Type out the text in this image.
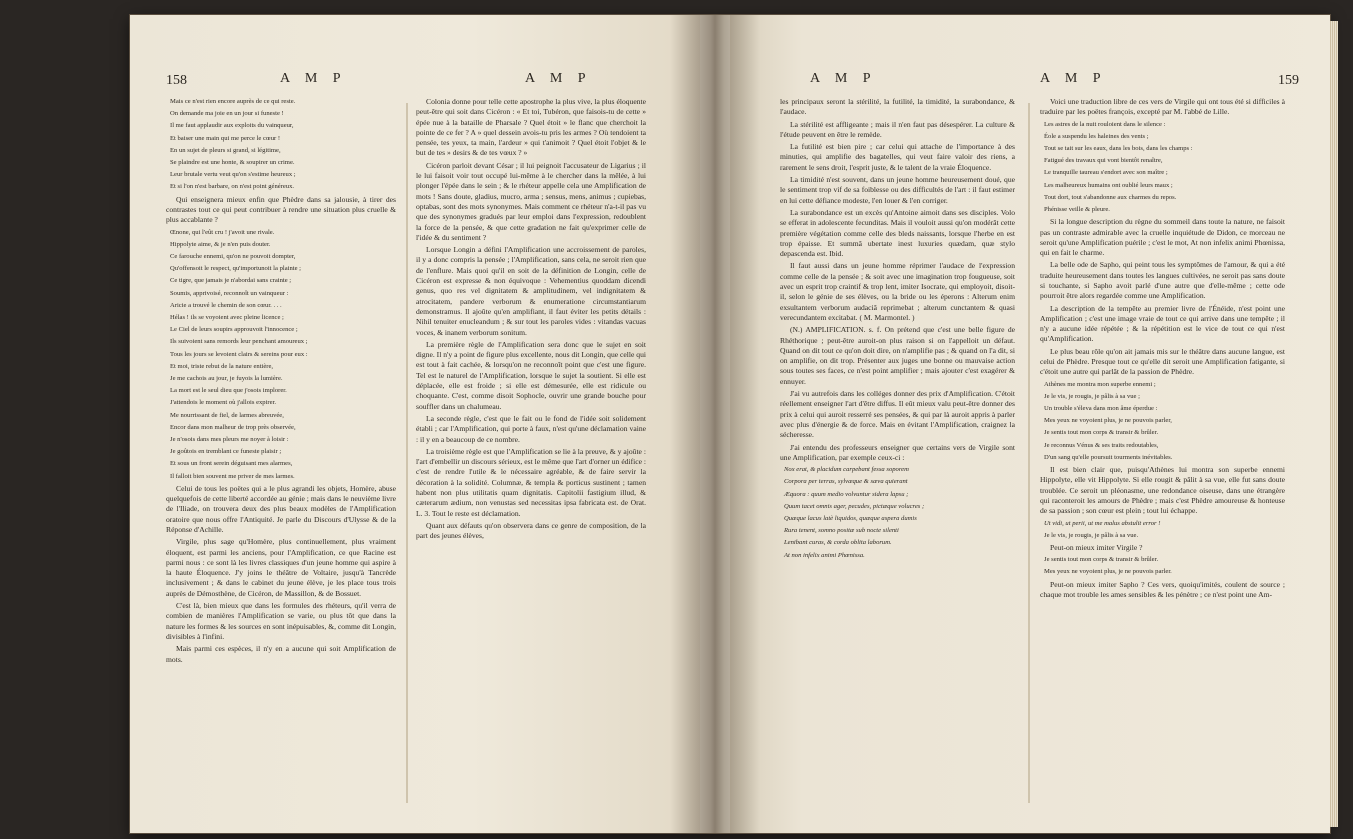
158	A M P	A M P

Mais ce n'est rien encore auprès de ce qui reste.

On demande ma joie en un jour si funeste !

Il me faut applaudir aux exploits du vainqueur,

Et baiser une main qui me perce le cœur !

En un sujet de pleurs si grand, si légitime,

Se plaindre est une honte, & soupirer un crime.

Leur brutale vertu veut qu'on s'estime heureux ;

Et si l'on n'est barbare, on n'est point généreux.

Qui enseignera mieux enfin que Phèdre dans sa jalousie, à tirer des contrastes tout ce qui peut contribuer à rendre une situation plus cruelle & plus accablante ?

Œnone, qui l'eût cru ! j'avoit une rivale.

Hippolyte aime, & je n'en puis douter.

Ce farouche ennemi, qu'on ne pouvoit dompter,

Qu'offensoit le respect, qu'importunoit la plainte ;

Ce tigre, que jamais je n'abordai sans crainte ;

Soumis, apprivoisé, reconnoît un vainqueur :

Aricie a trouvé le chemin de son cœur. . . .

Hélas ! ils se voyoient avec pleine licence ;

Le Ciel de leurs soupirs approuvoit l'innocence ;

Ils suivoient sans remords leur penchant amoureux ;

Tous les jours se levoient clairs & sereins pour eux :

Et moi, triste rebut de la nature entière,

Je me cachois au jour, je fuyois la lumière.

La mort est le seul dieu que j'osois implorer.

J'attendois le moment où j'allois expirer.

Me nourrissant de fiel, de larmes abreuvée,

Encor dans mon malheur de trop près observée,

Je n'osois dans mes pleurs me noyer à loisir :

Je goûtois en tremblant ce funeste plaisir ;

Et sous un front serein déguisant mes alarmes,

Il falloit bien souvent me priver de mes larmes.

Celui de tous les poëtes qui a le plus agrandi les objets, Homère, abuse quelquefois de cette liberté accordée au génie ; mais dans le neuvième livre de l'Iliade, on trouvera deux des plus beaux modèles de l'Amplification oratoire que nous offre l'Antiquité. Je parle du Discours d'Ulysse & de la Réponse d'Achille.

Virgile, plus sage qu'Homère, plus continuellement, plus vraiment éloquent, est parmi les anciens, pour l'Amplification, ce que Racine est parmi nous : ce sont là les livres classiques d'un jeune homme qui aspire à la haute Éloquence. J'y joins le théâtre de Voltaire, jusqu'à Tancrède inclusivement ; & dans le cabinet du jeune élève, je les place tous trois auprès de Démosthène, de Cicéron, de Massillon, & de Bossuet.

C'est là, bien mieux que dans les formules des rhéteurs, qu'il verra de combien de manières l'Amplification se varie, ou plus tôt que dans la nature les formes & les sources en sont inépuisables, &, comme dit Longin, divisibles à l'infini.

Mais parmi ces espèces, il n'y en a aucune qui soit Amplification de mots.

Colonia donne pour telle cette apostrophe la plus vive, la plus éloquente peut-être qui soit dans Cicéron : « Et toi, Tubéron, que faisois-tu de cette » épée nue à la bataille de Pharsale ? Quel étoit » le flanc que cherchoit la pointe de ce fer ? A » quel dessein avois-tu pris les armes ? Où tendoient ta pensée, tes yeux, ta main, l'ardeur » qui t'animoit ? Quel étoit l'objet & le but de tes » desirs & de tes vœux ? »

Cicéron parloit devant César ; il lui peignoit l'accusateur de Ligarius ; il le lui faisoit voir tout occupé lui-même à le chercher dans la mêlée, à lui plonger l'épée dans le sein ; & le rhéteur appelle cela une Amplification de mots ! Sans doute, gladius, mucro, arma ; sensus, mens, animus ; cupiebas, optabas, sont des mots synonymes. Mais comment ce rhéteur n'a-t-il pas vu que des synonymes gradués par leur emploi dans l'expression, redoublent la force de la pensée, & que cette gradation ne fait qu'exprimer celle de l'idée & du sentiment ?

Lorsque Longin a défini l'Amplification une accroissement de paroles, il y a donc compris la pensée ; l'Amplification, sans cela, ne seroit rien que de l'enflure. Mais quoi qu'il en soit de la définition de Longin, celle de Cicéron est expresse & non équivoque : Vehementius quoddam dicendi genus, quo res vel dignitatem & amplitudinem, vel indignitatem & atrocitatem, pandere verborum & enumeratione circumstantiarum demonstramus. Il ajoûte qu'en amplifiant, il faut éviter les petits détails : Nihil tenuiter enucleandum ; & sur tout les paroles vides : vitandas vacuas voces, & inanem verborum sonitum.

La première règle de l'Amplification sera donc que le sujet en soit digne. Il n'y a point de figure plus excellente, nous dit Longin, que celle qui est tout à fait cachée, & lorsqu'on ne reconnoît point que c'est une figure. Tel est le naturel de l'Amplification, lorsque le sujet la soutient. Si elle est déplacée, elle est froide ; si elle est démesurée, elle est ridicule ou choquante. C'est, comme disoit Sophocle, ouvrir une grande bouche pour souffler dans un chalumeau.

La seconde règle, c'est que le fait ou le fond de l'idée soit solidement établi ; car l'Amplification, qui porte à faux, n'est qu'une déclamation vaine : il y en a beaucoup de ce nombre.

La troisième règle est que l'Amplification se lie à la preuve, & y ajoûte : l'art d'embellir un discours sérieux, est le même que l'art d'orner un édifice : c'est de rendre l'utile & le nécessaire agréable, & de faire servir la décoration à la solidité. Columnæ, & templa & porticus sustinent ; tamen habent non plus utilitatis quam dignitatis. Capitolii fastigium illud, & cæterarum ædium, non venustas sed necessitas ipsa fabricata est. de Orat. L. 3. Tout le reste est déclamation.

Quant aux défauts qu'on observera dans ce genre de composition, de la part des jeunes élèves,

A M P	A M P	159

les principaux seront la stérilité, la futilité, la timidité, la surabondance, & l'audace.

La stérilité est affligeante ; mais il n'en faut pas désespérer. La culture & l'étude peuvent en être le remède.

La futilité est bien pire ; car celui qui attache de l'importance à des minuties, qui amplifie des bagatelles, qui veut faire valoir des riens, a rarement le sens droit, l'esprit juste, & le talent de la vraie Éloquence.

La timidité n'est souvent, dans un jeune homme heureusement doué, que le sentiment trop vif de sa foiblesse ou des difficultés de l'art : il faut estimer en lui cette défiance modeste, l'en louer & l'en corriger.

La surabondance est un excès qu'Antoine aimoit dans ses disciples. Volo se efferat in adolescente fecunditas. Mais il vouloit aussi qu'on modérât cette première végétation comme celle des bleds naissants, lorsque l'herbe en est trop épaisse. Et summâ ubertate inest luxuries quædam, quæ stylo depascenda est. Ibid.

Il faut aussi dans un jeune homme réprimer l'audace de l'expression comme celle de la pensée ; & soit avec une imagination trop fougueuse, soit avec un esprit trop craintif & trop lent, imiter Isocrate, qui employoit, disoit-il, selon le génie de ses élèves, ou la bride ou les éperons : Alterum enim exsultantem verborum audaciâ reprimebat ; alterum cunctantem & quasi verecundantem excitabat. ( M. Marmontel. )

(N.) AMPLIFICATION. s. f. On prétend que c'est une belle figure de Rhéthorique ; peut-être auroit-on plus raison si on l'appelloit un défaut. Quand on dit tout ce qu'on doit dire, on n'amplifie pas ; & quand on l'a dit, si on amplifie, on dit trop. Présenter aux juges une bonne ou mauvaise action sous toutes ses faces, ce n'est point amplifier ; mais ajouter c'est exagérer & ennuyer.

J'ai vu autrefois dans les colléges donner des prix d'Amplification. C'étoit réellement enseigner l'art d'être diffus. Il eût mieux valu peut-être donner des prix à celui qui auroit resserré ses pensées, & qui par là auroit appris à parler avec plus d'énergie & de force. Mais en évitant l'Amplification, craignez la sécheresse.

J'ai entendu des professeurs enseigner que certains vers de Virgile sont une Amplification, par exemple ceux-ci :

Nox erat, & placidum carpebant fessa soporem

Corpora per terras, sylvæque & sæva quierant

Æquora : quum medio volvuntur sidera lapsu ;

Quum tacet omnis ager, pecudes, pictæque volucres ;

Quæque lacus latè liquidos, quæque aspera dumis

Rura tenent, somno positæ sub nocte silenti

Lenibant curas, & corda oblita laborum.

At non infelix animi Phœnissa.

Voici une traduction libre de ces vers de Virgile qui ont tous été si difficiles à traduire par les poëtes françois, excepté par M. l'abbé de Lille.

Les astres de la nuit rouloient dans le silence :

Éole a suspendu les haleines des vents ;

Tout se tait sur les eaux, dans les bois, dans les champs :

Fatigué des travaux qui vont bientôt renaître,

Le tranquille taureau s'endort avec son maître ;

Les malheureux humains ont oublié leurs maux ;

Tout dort, tout s'abandonne aux charmes du repos.

Phénisse veille & pleure.

Si la longue description du règne du sommeil dans toute la nature, ne faisoit pas un contraste admirable avec la cruelle inquiétude de Didon, ce morceau ne seroit qu'une Amplification puérile ; c'est le mot, At non infelix animi Phœnissa, qui en fait le charme.

La belle ode de Sapho, qui peint tous les symptômes de l'amour, & qui a été traduite heureusement dans toutes les langues cultivées, ne seroit pas sans doute si touchante, si Sapho avoit parlé d'une autre que d'elle-même ; cette ode pourroit être alors regardée comme une Amplification.

La description de la tempête au premier livre de l'Énéide, n'est point une Amplification ; c'est une image vraie de tout ce qui arrive dans une tempête ; il n'y a aucune idée répétée ; & la répétition est le vice de tout ce qui n'est qu'Amplification.

Le plus beau rôle qu'on ait jamais mis sur le théâtre dans aucune langue, est celui de Phèdre. Presque tout ce qu'elle dit seroit une Amplification fatigante, si c'étoit une autre qui parlât de la passion de Phèdre.

Athènes me montra mon superbe ennemi ;

Je le vis, je rougis, je pâlis à sa vue ;

Un trouble s'éleva dans mon âme éperdue :

Mes yeux ne voyoient plus, je ne pouvois parler,

Je sentis tout mon corps & transir & brûler.

Je reconnus Vénus & ses traits redoutables,

D'un sang qu'elle poursuit tourments inévitables.

Il est bien clair que, puisqu'Athènes lui montra son superbe ennemi Hippolyte, elle vit Hippolyte. Si elle rougit & pâlit à sa vue, elle fut sans doute troublée. Ce seroit un pléonasme, une redondance oiseuse, dans une étrangère qui raconteroit les amours de Phèdre ; mais c'est Phèdre amoureuse & honteuse de sa passion ; son cœur est plein ; tout lui échappe.

Ut vidi, ut perii, ut me malus abstulit error !

Je le vis, je rougis, je pâlis à sa vue.

Peut-on mieux imiter Virgile ?

Je sentis tout mon corps & transir & brûler.

Mes yeux ne voyoient plus, je ne pouvois parler.

Peut-on mieux imiter Sapho ? Ces vers, quoiqu'imités, coulent de source ; chaque mot trouble les ames sensibles & les pénètre ; ce n'est point une Am-
